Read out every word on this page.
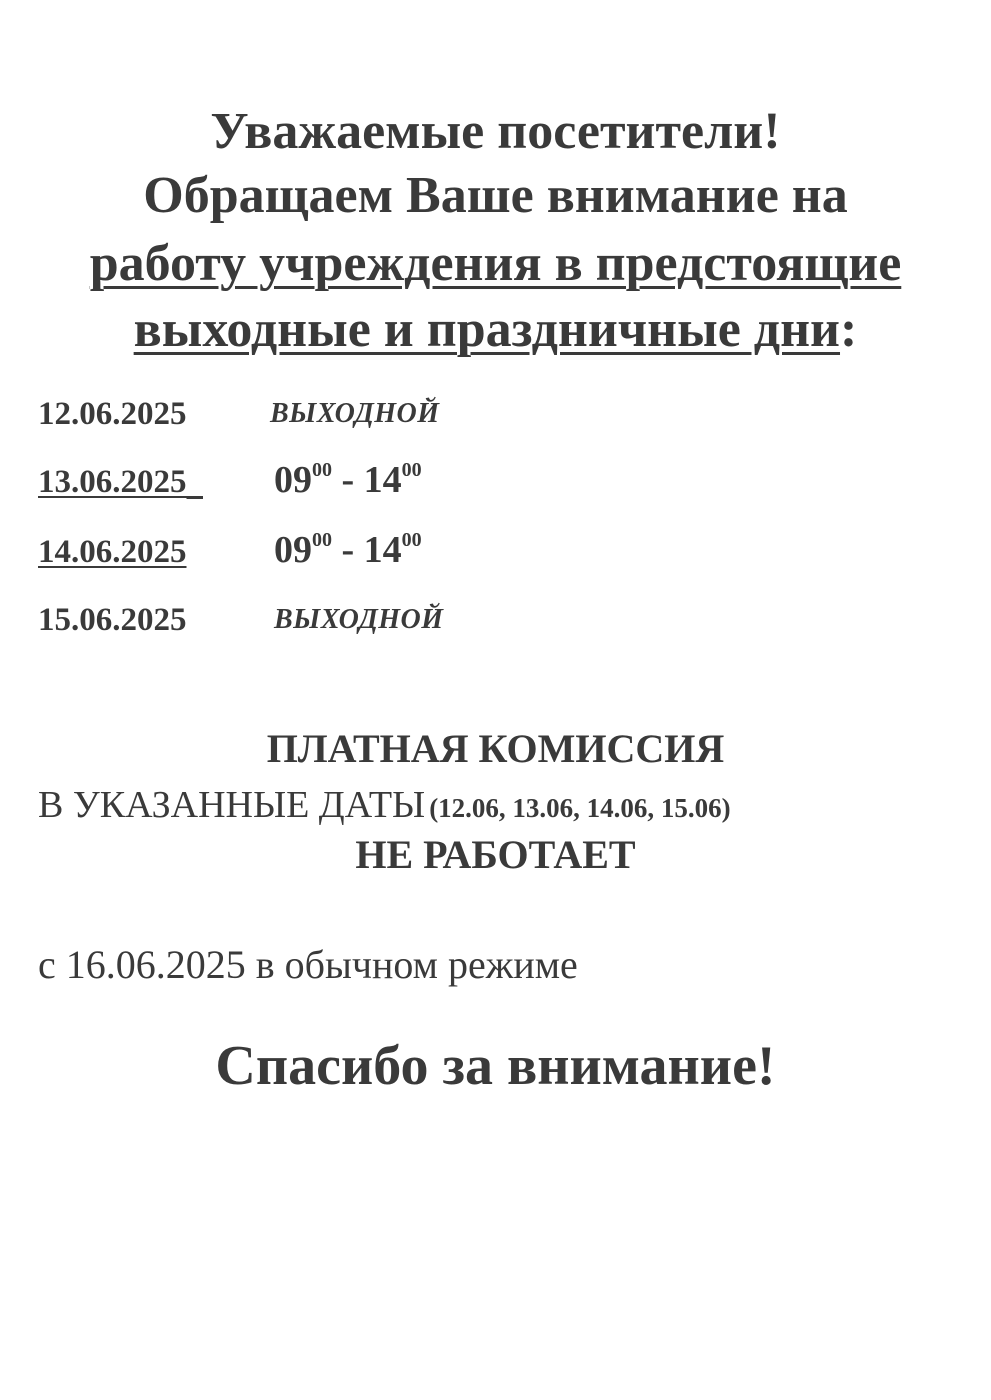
Уважаемые посетители!
Обращаем Ваше внимание на
работу учреждения в предстоящие
выходные и праздничные дни:
12.06.2025	ВЫХОДНОЙ
13.06.2025	$09^{00} - 14^{00}$
14.06.2025 $09^{00} - 14^{00}$
15.06.2025	ВЫХОДНОЙ
ПЛАТНАЯ КОМИССИЯ
В УКАЗАННЫЕ ДАТЫ (12.06, 13.06, 14.06, 15.06)
НЕ РАБОТАЕТ
с 16.06.2025 в обычном режиме
Спасибо за внимание!
